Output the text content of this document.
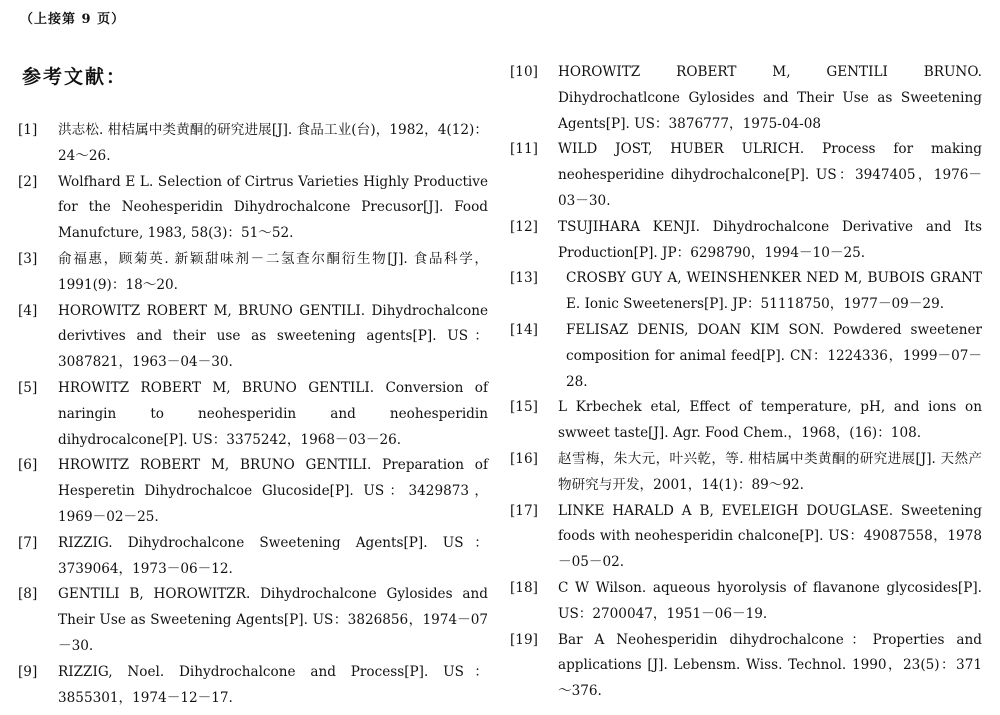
（上接第 9 页）
参考文献：
[1]	洪志松. 柑桔属中类黄酮的研究进展[J]. 食品工业(台)，1982，4(12)：24～26.
[2]	Wolfhard E L. Selection of Cirtrus Varieties Highly Productive for the Neohesperidin Dihydrochalcone Precusor[J]. Food Manufcture, 1983, 58(3)：51～52.
[3]	俞福惠，顾菊英. 新颖甜味剂－二氢查尔酮衍生物[J]. 食品科学，1991(9)：18～20.
[4]	HOROWITZ ROBERT M, BRUNO GENTILI. Dihydrochalcone derivtives and their use as sweetening agents[P]. US：3087821，1963－04－30.
[5]	HROWITZ ROBERT M, BRUNO GENTILI. Conversion of naringin to neohesperidin and neohesperidin dihydrocalcone[P]. US：3375242，1968－03－26.
[6]	HROWITZ ROBERT M, BRUNO GENTILI. Preparation of Hesperetin Dihydrochalcoe Glucoside[P]. US：3429873，1969－02－25.
[7]	RIZZIG. Dihydrochalcone Sweetening Agents[P]. US：3739064，1973－06－12.
[8]	GENTILI B, HOROWITZR. Dihydrochalcone Gylosides and Their Use as Sweetening Agents[P]. US：3826856，1974－07－30.
[9]	RIZZIG, Noel. Dihydrochalcone and Process[P]. US：3855301，1974－12－17.
[10]	HOROWITZ ROBERT M, GENTILI BRUNO. Dihydrochatlcone Gylosides and Their Use as Sweetening Agents[P]. US：3876777，1975-04-08
[11]	WILD JOST, HUBER ULRICH. Process for making neohesperidine dihydrochalcone[P]. US：3947405，1976－03－30.
[12]	TSUJIHARA KENJI. Dihydrochalcone Derivative and Its Production[P]. JP：6298790，1994－10－25.
[13]	CROSBY GUY A, WEINSHENKER NED M, BUBOIS GRANT E. Ionic Sweeteners[P]. JP：51118750，1977－09－29.
[14]	FELISAZ DENIS, DOAN KIM SON. Powdered sweetener composition for animal feed[P]. CN：1224336，1999－07－28.
[15]	L Krbechek etal, Effect of temperature, pH, and ions on swweet taste[J]. Agr. Food Chem.，1968，(16)：108.
[16]	赵雪梅，朱大元，叶兴乾，等. 柑桔属中类黄酮的研究进展[J]. 天然产物研究与开发，2001，14(1)：89～92.
[17]	LINKE HARALD A B, EVELEIGH DOUGLASE. Sweetening foods with neohesperidin chalcone[P]. US：49087558，1978－05－02.
[18]	C W Wilson. aqueous hyorolysis of flavanone glycosides[P]. US：2700047，1951－06－19.
[19]	Bar A Neohesperidin dihydrochalcone：Properties and applications [J]. Lebensm. Wiss. Technol. 1990，23(5)：371～376.
